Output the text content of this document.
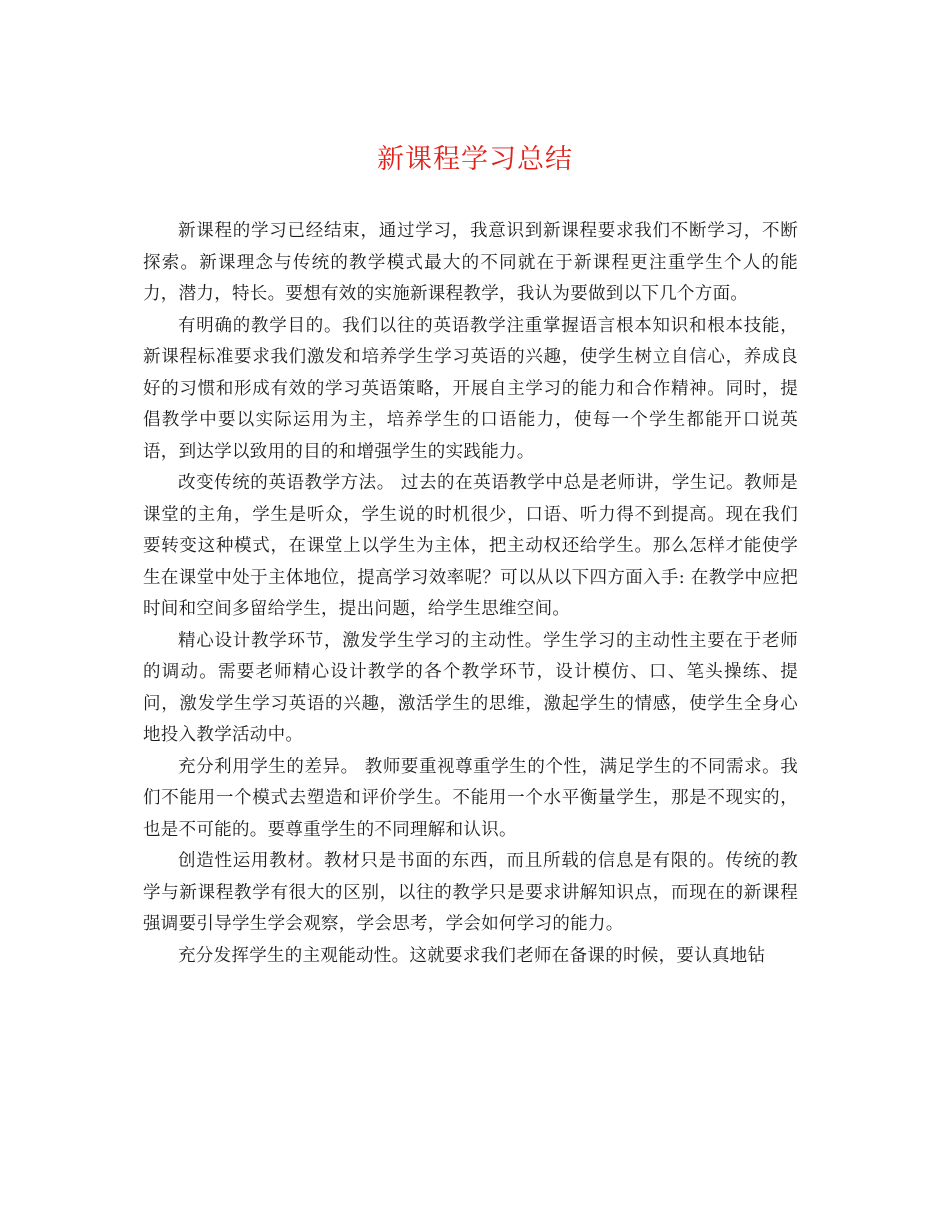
新课程学习总结

新课程的学习已经结束，通过学习，我意识到新课程要求我们不断学习，不断探索。新课理念与传统的教学模式最大的不同就在于新课程更注重学生个人的能力，潜力，特长。要想有效的实施新课程教学，我认为要做到以下几个方面。

有明确的教学目的。我们以往的英语教学注重掌握语言根本知识和根本技能，新课程标准要求我们激发和培养学生学习英语的兴趣，使学生树立自信心，养成良好的习惯和形成有效的学习英语策略，开展自主学习的能力和合作精神。同时，提倡教学中要以实际运用为主，培养学生的口语能力，使每一个学生都能开口说英语，到达学以致用的目的和增强学生的实践能力。

改变传统的英语教学方法。 过去的在英语教学中总是老师讲，学生记。教师是课堂的主角，学生是听众，学生说的时机很少，口语、听力得不到提高。现在我们要转变这种模式，在课堂上以学生为主体，把主动权还给学生。那么怎样才能使学生在课堂中处于主体地位，提高学习效率呢？可以从以下四方面入手: 在教学中应把时间和空间多留给学生，提出问题，给学生思维空间。

精心设计教学环节，激发学生学习的主动性。学生学习的主动性主要在于老师的调动。需要老师精心设计教学的各个教学环节，设计模仿、口、笔头操练、提问，激发学生学习英语的兴趣，激活学生的思维，激起学生的情感，使学生全身心地投入教学活动中。

充分利用学生的差异。 教师要重视尊重学生的个性，满足学生的不同需求。我们不能用一个模式去塑造和评价学生。不能用一个水平衡量学生，那是不现实的，也是不可能的。要尊重学生的不同理解和认识。

创造性运用教材。教材只是书面的东西，而且所载的信息是有限的。传统的教学与新课程教学有很大的区别，以往的教学只是要求讲解知识点，而现在的新课程强调要引导学生学会观察，学会思考，学会如何学习的能力。

充分发挥学生的主观能动性。这就要求我们老师在备课的时候，要认真地钻
